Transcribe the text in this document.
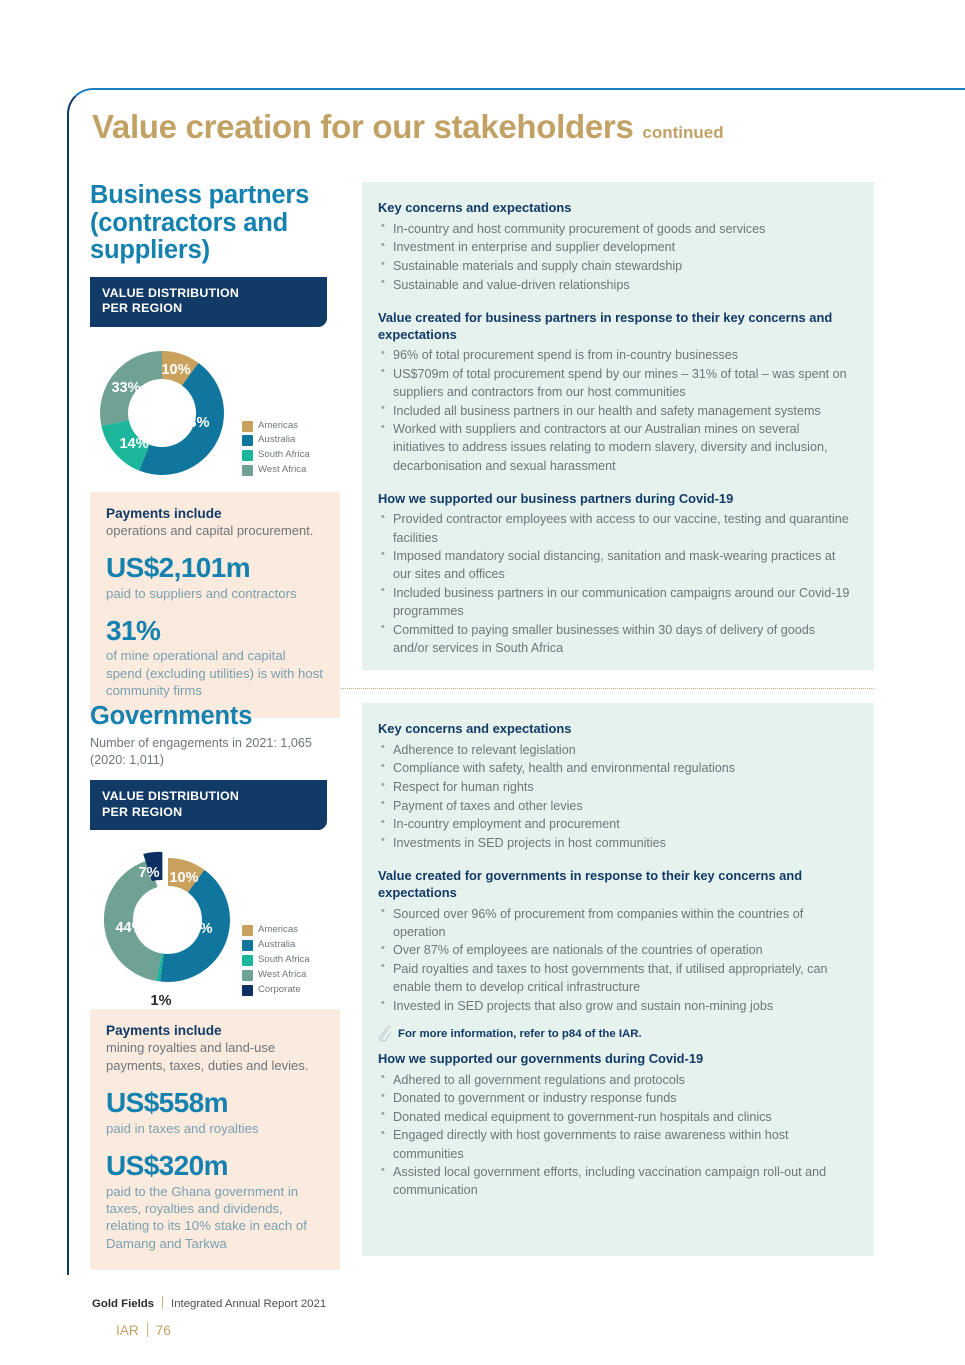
Value creation for our stakeholders continued
Business partners (contractors and suppliers)
VALUE DISTRIBUTION
PER REGION
10%
43%
14%
33%
Americas
Australia
South Africa
West Africa
Payments include
operations and capital procurement.
US$2,101m
paid to suppliers and contractors
31%
of mine operational and capital spend (excluding utilities) is with host community firms
Key concerns and expectations
• In-country and host community procurement of goods and services
• Investment in enterprise and supplier development
• Sustainable materials and supply chain stewardship
• Sustainable and value-driven relationships
Value created for business partners in response to their key concerns and expectations
• 96% of total procurement spend is from in-country businesses
• US$709m of total procurement spend by our mines – 31% of total – was spent on suppliers and contractors from our host communities
• Included all business partners in our health and safety management systems
• Worked with suppliers and contractors at our Australian mines on several initiatives to address issues relating to modern slavery, diversity and inclusion, decarbonisation and sexual harassment
How we supported our business partners during Covid-19
• Provided contractor employees with access to our vaccine, testing and quarantine facilities
• Imposed mandatory social distancing, sanitation and mask-wearing practices at our sites and offices
• Included business partners in our communication campaigns around our Covid-19 programmes
• Committed to paying smaller businesses within 30 days of delivery of goods and/or services in South Africa
Governments
Number of engagements in 2021: 1,065 (2020: 1,011)
VALUE DISTRIBUTION
PER REGION
10%
37%
1%
44%
7%
Americas
Australia
South Africa
West Africa
Corporate
Payments include
mining royalties and land-use payments, taxes, duties and levies.
US$558m
paid in taxes and royalties
US$320m
paid to the Ghana government in taxes, royalties and dividends, relating to its 10% stake in each of Damang and Tarkwa
Key concerns and expectations
• Adherence to relevant legislation
• Compliance with safety, health and environmental regulations
• Respect for human rights
• Payment of taxes and other levies
• In-country employment and procurement
• Investments in SED projects in host communities
Value created for governments in response to their key concerns and expectations
• Sourced over 96% of procurement from companies within the countries of operation
• Over 87% of employees are nationals of the countries of operation
• Paid royalties and taxes to host governments that, if utilised appropriately, can enable them to develop critical infrastructure
• Invested in SED projects that also grow and sustain non-mining jobs
For more information, refer to p84 of the IAR.
How we supported our governments during Covid-19
• Adhered to all government regulations and protocols
• Donated to government or industry response funds
• Donated medical equipment to government-run hospitals and clinics
• Engaged directly with host governments to raise awareness within host communities
• Assisted local government efforts, including vaccination campaign roll-out and communication
Gold Fields Integrated Annual Report 2021
IAR 76
